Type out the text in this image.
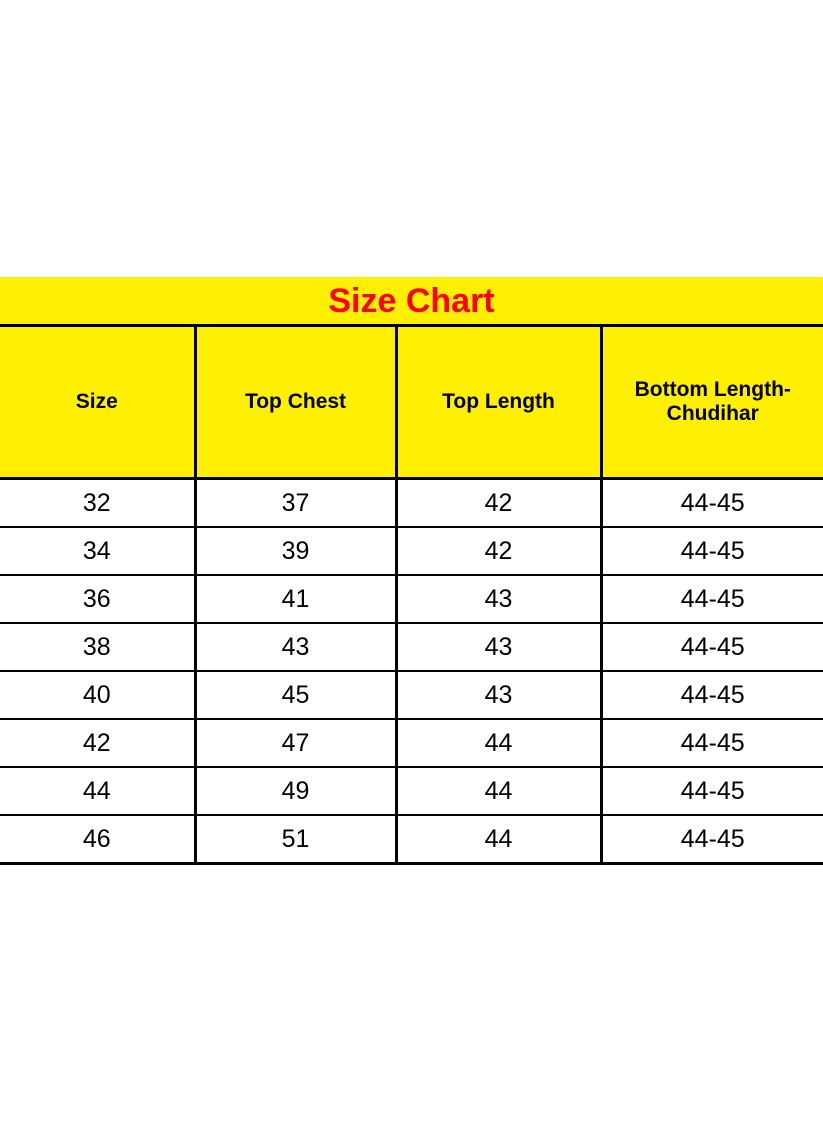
Size Chart
Size	Top Chest	Top Length	Bottom Length-Chudihar
32	37	42	44-45
34	39	42	44-45
36	41	43	44-45
38	43	43	44-45
40	45	43	44-45
42	47	44	44-45
44	49	44	44-45
46	51	44	44-45
